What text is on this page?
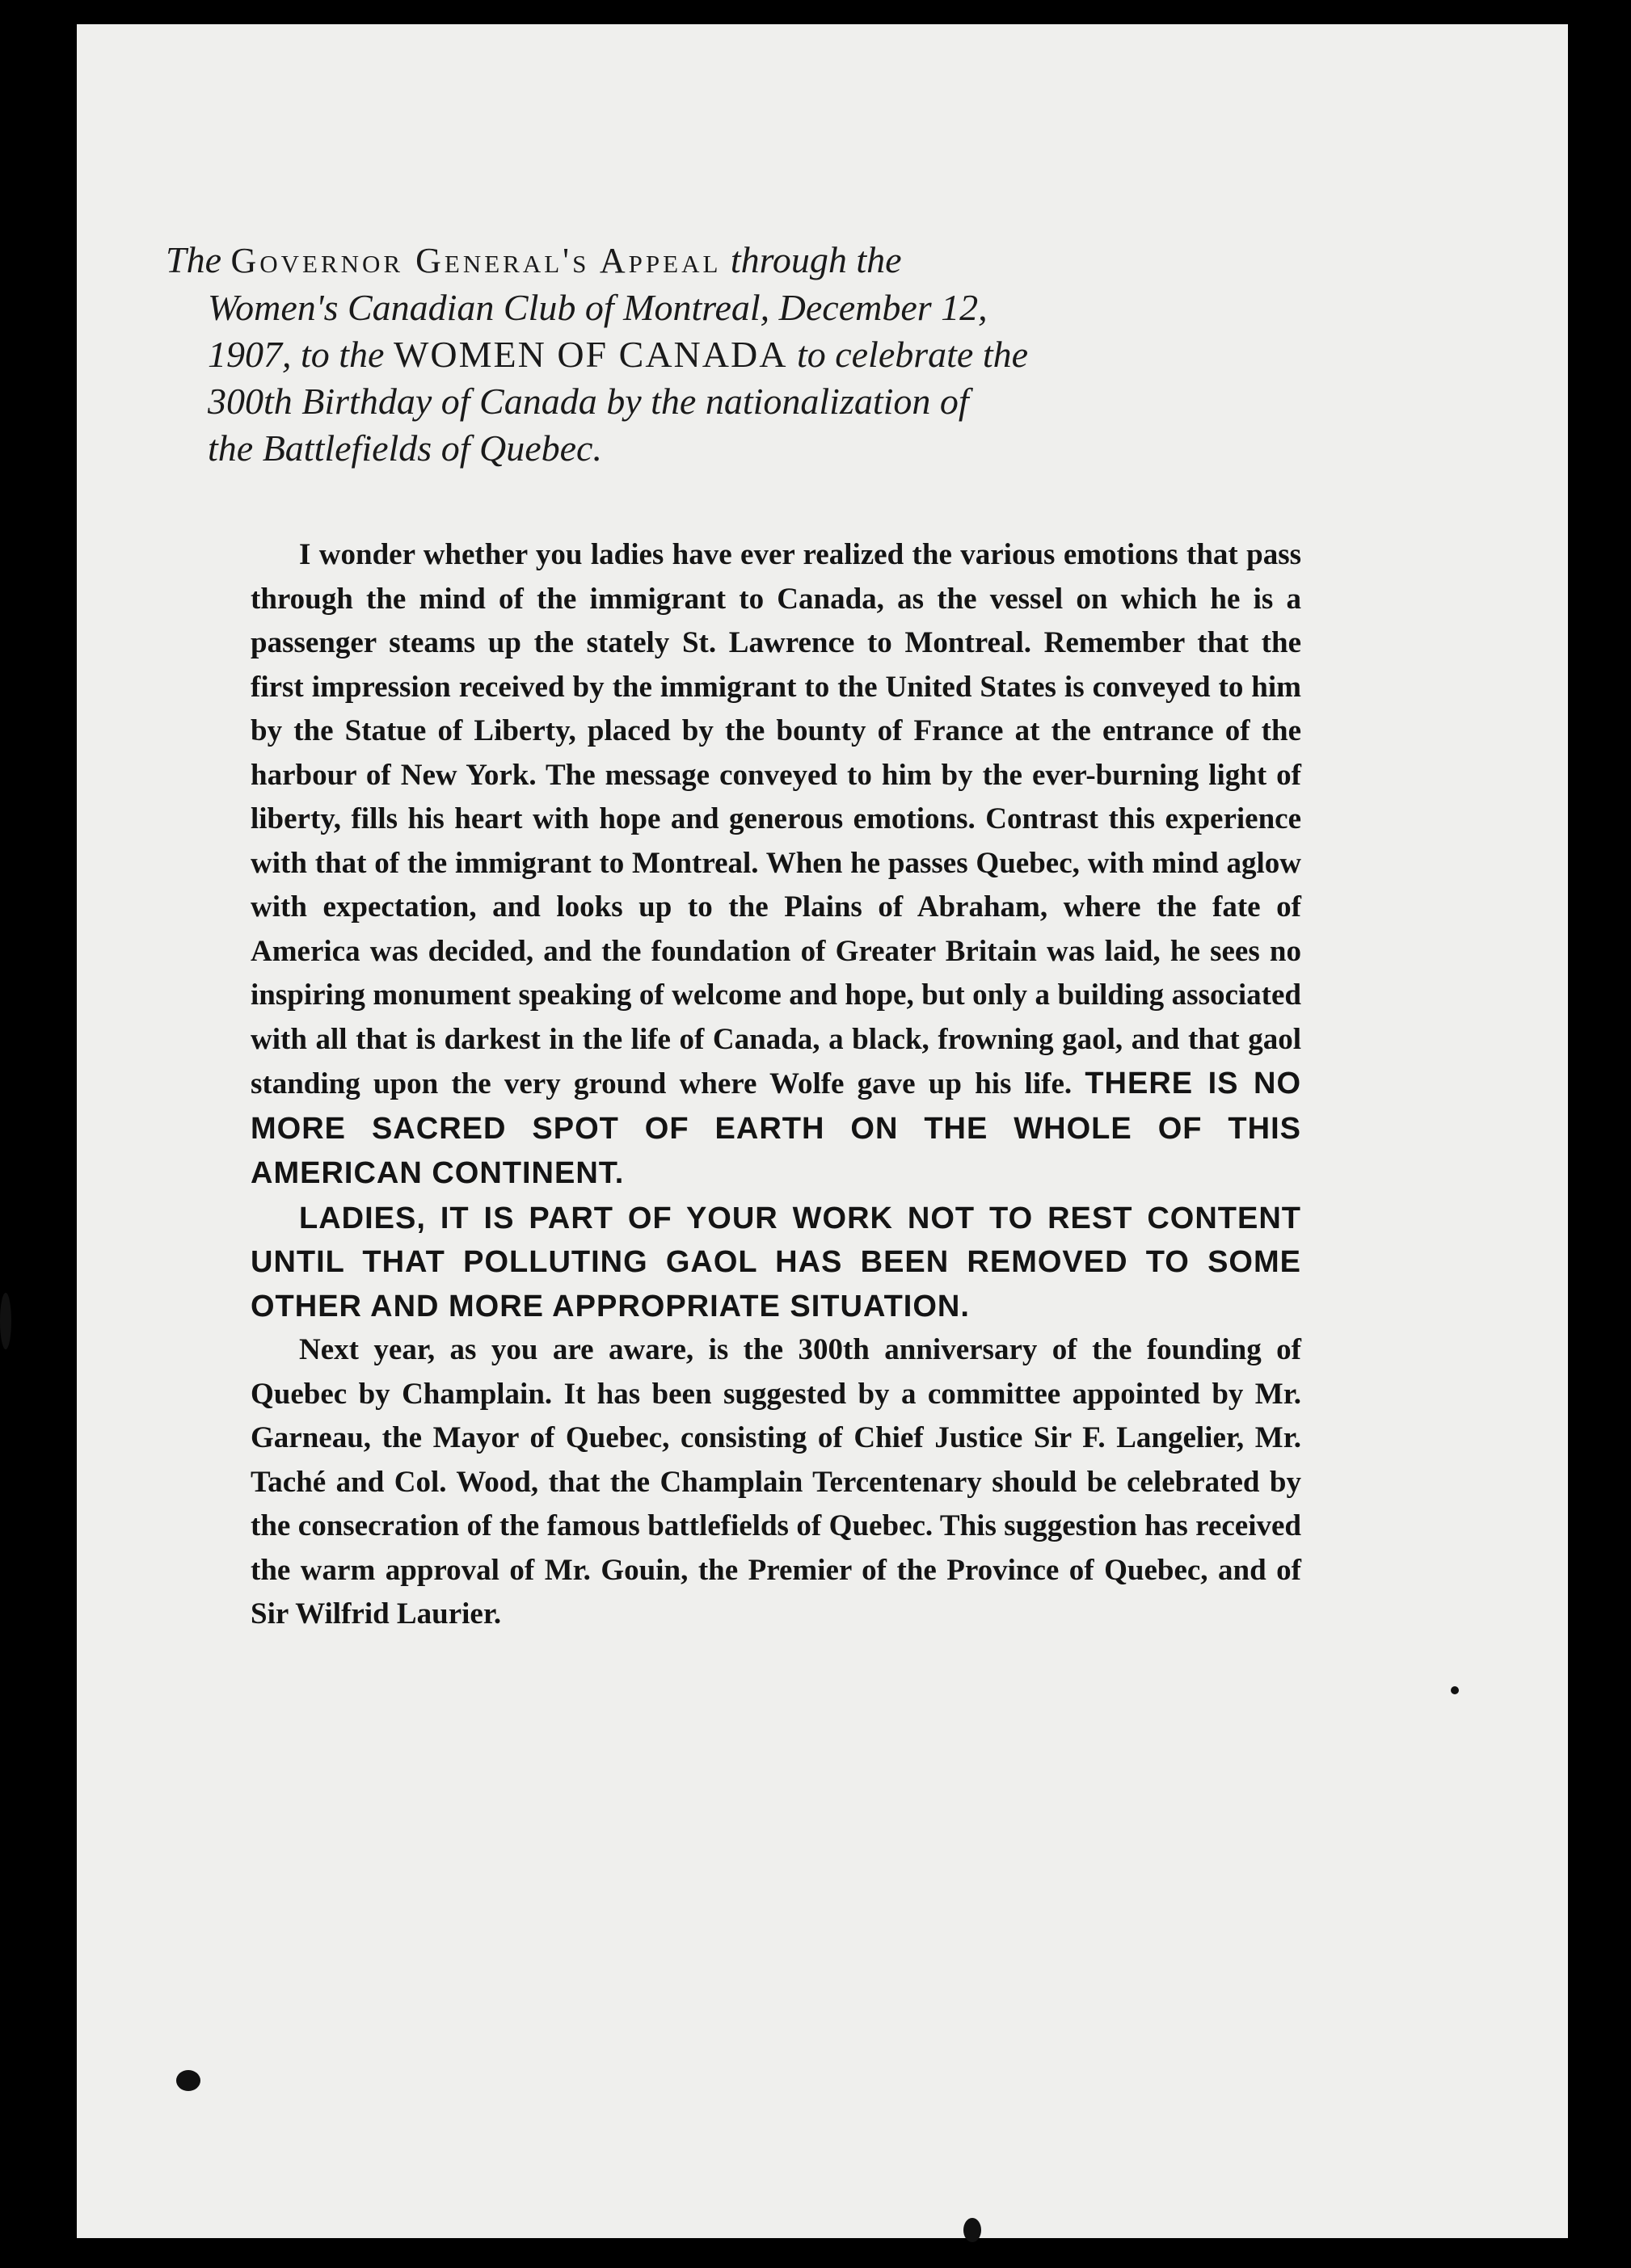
The Governor General's Appeal through the
Women's Canadian Club of Montreal, December 12,
1907, to the WOMEN OF CANADA to celebrate the
300th Birthday of Canada by the nationalization of
the Battlefields of Quebec.

I wonder whether you ladies have ever realized the various emotions that pass through the mind of the immigrant to Canada, as the vessel on which he is a passenger steams up the stately St. Lawrence to Montreal. Remember that the first impression received by the immigrant to the United States is conveyed to him by the Statue of Liberty, placed by the bounty of France at the entrance of the harbour of New York. The message conveyed to him by the ever-burning light of liberty, fills his heart with hope and generous emotions. Contrast this experience with that of the immigrant to Montreal. When he passes Quebec, with mind aglow with expectation, and looks up to the Plains of Abraham, where the fate of America was decided, and the foundation of Greater Britain was laid, he sees no inspiring monument speaking of welcome and hope, but only a building associated with all that is darkest in the life of Canada, a black, frowning gaol, and that gaol standing upon the very ground where Wolfe gave up his life. THERE IS NO MORE SACRED SPOT OF EARTH ON THE WHOLE OF THIS AMERICAN CONTINENT.

LADIES, IT IS PART OF YOUR WORK NOT TO REST CONTENT UNTIL THAT POLLUTING GAOL HAS BEEN REMOVED TO SOME OTHER AND MORE APPROPRIATE SITUATION.

Next year, as you are aware, is the 300th anniversary of the founding of Quebec by Champlain. It has been suggested by a committee appointed by Mr. Garneau, the Mayor of Quebec, consisting of Chief Justice Sir F. Langelier, Mr. Taché and Col. Wood, that the Champlain Tercentenary should be celebrated by the consecration of the famous battlefields of Quebec. This suggestion has received the warm approval of Mr. Gouin, the Premier of the Province of Quebec, and of Sir Wilfrid Laurier.
